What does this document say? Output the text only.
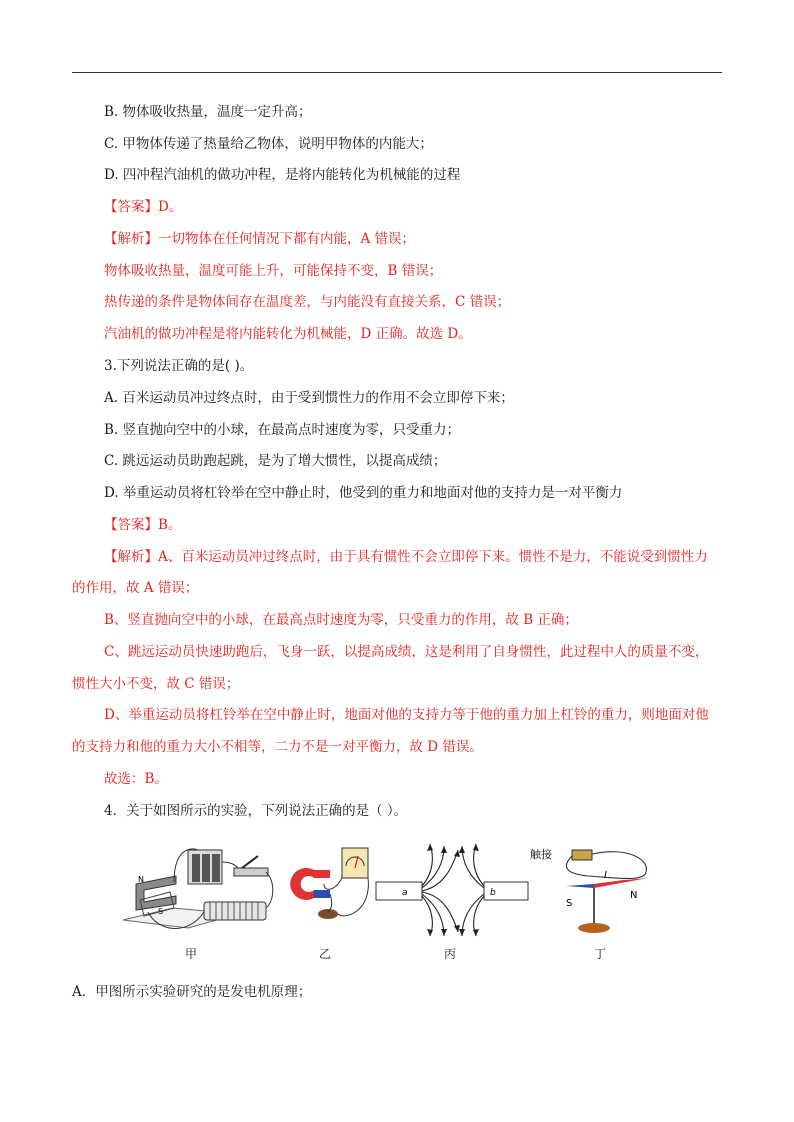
B. 物体吸收热量，温度一定升高；
C. 甲物体传递了热量给乙物体，说明甲物体的内能大；
D. 四冲程汽油机的做功冲程，是将内能转化为机械能的过程
【答案】D。
【解析】一切物体在任何情况下都有内能，A 错误；
物体吸收热量，温度可能上升，可能保持不变，B 错误；
热传递的条件是物体间存在温度差，与内能没有直接关系，C 错误；
汽油机的做功冲程是将内能转化为机械能，D 正确。故选 D。
3.下列说法正确的是( )。
A. 百米运动员冲过终点时，由于受到惯性力的作用不会立即停下来；
B. 竖直抛向空中的小球，在最高点时速度为零，只受重力；
C. 跳远运动员助跑起跳，是为了增大惯性，以提高成绩；
D. 举重运动员将杠铃举在空中静止时，他受到的重力和地面对他的支持力是一对平衡力
【答案】B。
【解析】A、百米运动员冲过终点时，由于具有惯性不会立即停下来。惯性不是力，不能说受到惯性力
的作用，故 A 错误；
B、竖直抛向空中的小球，在最高点时速度为零，只受重力的作用，故 B 正确；
C、跳远运动员快速助跑后，飞身一跃，以提高成绩，这是利用了自身惯性，此过程中人的质量不变，
惯性大小不变，故 C 错误；
D、举重运动员将杠铃举在空中静止时，地面对他的支持力等于他的重力加上杠铃的重力，则地面对他
的支持力和他的重力大小不相等，二力不是一对平衡力，故 D 错误。
故选：B。
4．关于如图所示的实验，下列说法正确的是（ ）。
N
S
a	b
触接
I
S
N
甲	乙	丙	丁
A．甲图所示实验研究的是发电机原理；
